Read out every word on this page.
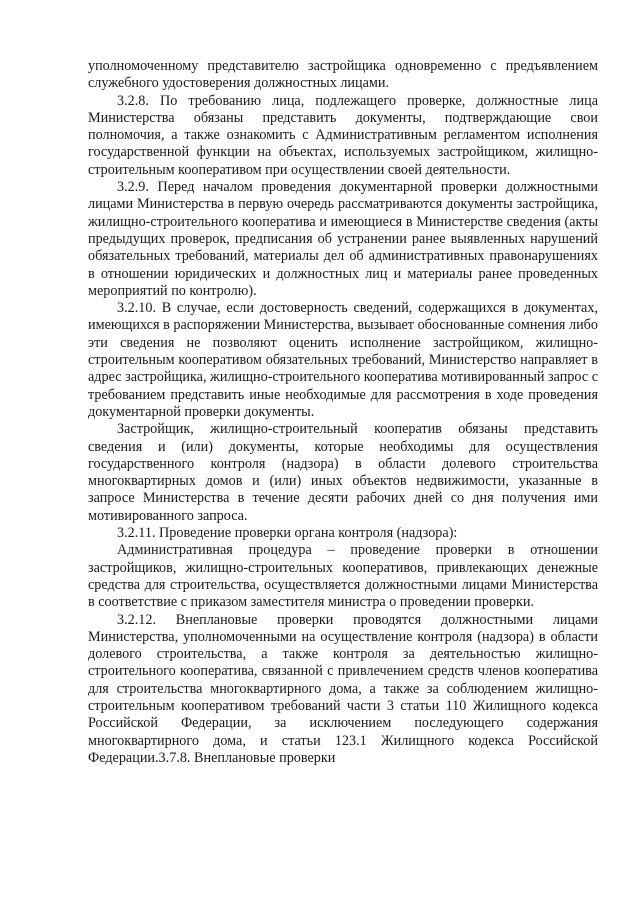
уполномоченному представителю застройщика одновременно с предъявлением служебного удостоверения должностных лицами.

3.2.8. По требованию лица, подлежащего проверке, должностные лица Министерства обязаны представить документы, подтверждающие свои полномочия, а также ознакомить с Административным регламентом исполнения государственной функции на объектах, используемых застройщиком, жилищно-строительным кооперативом при осуществлении своей деятельности.

3.2.9. Перед началом проведения документарной проверки должностными лицами Министерства в первую очередь рассматриваются документы застройщика, жилищно-строительного кооператива и имеющиеся в Министерстве сведения (акты предыдущих проверок, предписания об устранении ранее выявленных нарушений обязательных требований, материалы дел об административных правонарушениях в отношении юридических и должностных лиц и материалы ранее проведенных мероприятий по контролю).

3.2.10. В случае, если достоверность сведений, содержащихся в документах, имеющихся в распоряжении Министерства, вызывает обоснованные сомнения либо эти сведения не позволяют оценить исполнение застройщиком, жилищно-строительным кооперативом обязательных требований, Министерство направляет в адрес застройщика, жилищно-строительного кооператива мотивированный запрос с требованием представить иные необходимые для рассмотрения в ходе проведения документарной проверки документы.

Застройщик, жилищно-строительный кооператив обязаны представить сведения и (или) документы, которые необходимы для осуществления государственного контроля (надзора) в области долевого строительства многоквартирных домов и (или) иных объектов недвижимости, указанные в запросе Министерства в течение десяти рабочих дней со дня получения ими мотивированного запроса.

3.2.11. Проведение проверки органа контроля (надзора):

Административная процедура – проведение проверки в отношении застройщиков, жилищно-строительных кооперативов, привлекающих денежные средства для строительства, осуществляется должностными лицами Министерства в соответствие с приказом заместителя министра о проведении проверки.

3.2.12. Внеплановые проверки проводятся должностными лицами Министерства, уполномоченными на осуществление контроля (надзора) в области долевого строительства, а также контроля за деятельностью жилищно-строительного кооператива, связанной с привлечением средств членов кооператива для строительства многоквартирного дома, а также за соблюдением жилищно-строительным кооперативом требований части 3 статьи 110 Жилищного кодекса Российской Федерации, за исключением последующего содержания многоквартирного дома, и статьи 123.1 Жилищного кодекса Российской Федерации.3.7.8. Внеплановые проверки
